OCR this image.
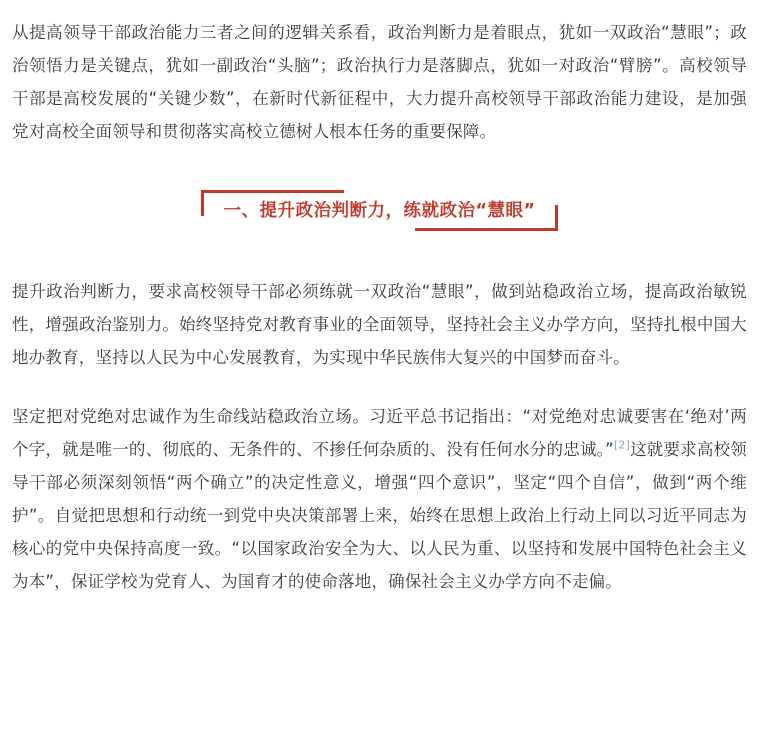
从提高领导干部政治能力三者之间的逻辑关系看，政治判断力是着眼点，犹如一双政治“慧眼”；政治领悟力是关键点，犹如一副政治“头脑”；政治执行力是落脚点，犹如一对政治“臂膀”。高校领导干部是高校发展的“关键少数”，在新时代新征程中，大力提升高校领导干部政治能力建设，是加强党对高校全面领导和贯彻落实高校立德树人根本任务的重要保障。

一、提升政治判断力，练就政治“慧眼”

提升政治判断力，要求高校领导干部必须练就一双政治“慧眼”，做到站稳政治立场，提高政治敏锐性，增强政治鉴别力。始终坚持党对教育事业的全面领导，坚持社会主义办学方向，坚持扎根中国大地办教育，坚持以人民为中心发展教育，为实现中华民族伟大复兴的中国梦而奋斗。

坚定把对党绝对忠诚作为生命线站稳政治立场。习近平总书记指出：“对党绝对忠诚要害在‘绝对’两个字，就是唯一的、彻底的、无条件的、不掺任何杂质的、没有任何水分的忠诚。”[2]这就要求高校领导干部必须深刻领悟“两个确立”的决定性意义，增强“四个意识”，坚定“四个自信”，做到“两个维护”。自觉把思想和行动统一到党中央决策部署上来，始终在思想上政治上行动上同以习近平同志为核心的党中央保持高度一致。“以国家政治安全为大、以人民为重、以坚持和发展中国特色社会主义为本”，保证学校为党育人、为国育才的使命落地，确保社会主义办学方向不走偏。
